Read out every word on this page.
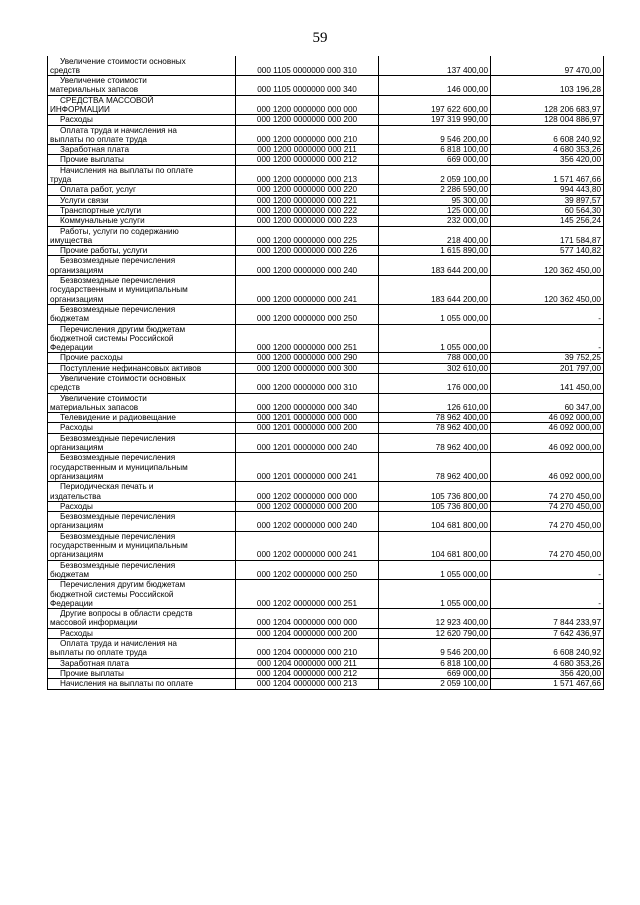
59
Увеличение стоимости основных
средств	000 1105 0000000 000 310	137 400,00	97 470,00
Увеличение стоимости
материальных запасов	000 1105 0000000 000 340	146 000,00	103 196,28
СРЕДСТВА МАССОВОЙ
ИНФОРМАЦИИ	000 1200 0000000 000 000	197 622 600,00	128 206 683,97
Расходы	000 1200 0000000 000 200	197 319 990,00	128 004 886,97
Оплата труда и начисления на
выплаты по оплате труда	000 1200 0000000 000 210	9 546 200,00	6 608 240,92
Заработная плата	000 1200 0000000 000 211	6 818 100,00	4 680 353,26
Прочие выплаты	000 1200 0000000 000 212	669 000,00	356 420,00
Начисления на выплаты по оплате
труда	000 1200 0000000 000 213	2 059 100,00	1 571 467,66
Оплата работ, услуг	000 1200 0000000 000 220	2 286 590,00	994 443,80
Услуги связи	000 1200 0000000 000 221	95 300,00	39 897,57
Транспортные услуги	000 1200 0000000 000 222	125 000,00	60 564,30
Коммунальные услуги	000 1200 0000000 000 223	232 000,00	145 256,24
Работы, услуги по содержанию
имущества	000 1200 0000000 000 225	218 400,00	171 584,87
Прочие работы, услуги	000 1200 0000000 000 226	1 615 890,00	577 140,82
Безвозмездные перечисления
организациям	000 1200 0000000 000 240	183 644 200,00	120 362 450,00
Безвозмездные перечисления
государственным и муниципальным
организациям	000 1200 0000000 000 241	183 644 200,00	120 362 450,00
Безвозмездные перечисления
бюджетам	000 1200 0000000 000 250	1 055 000,00	-
Перечисления другим бюджетам
бюджетной системы Российской
Федерации	000 1200 0000000 000 251	1 055 000,00	-
Прочие расходы	000 1200 0000000 000 290	788 000,00	39 752,25
Поступление нефинансовых активов	000 1200 0000000 000 300	302 610,00	201 797,00
Увеличение стоимости основных
средств	000 1200 0000000 000 310	176 000,00	141 450,00
Увеличение стоимости
материальных запасов	000 1200 0000000 000 340	126 610,00	60 347,00
Телевидение и радиовещание	000 1201 0000000 000 000	78 962 400,00	46 092 000,00
Расходы	000 1201 0000000 000 200	78 962 400,00	46 092 000,00
Безвозмездные перечисления
организациям	000 1201 0000000 000 240	78 962 400,00	46 092 000,00
Безвозмездные перечисления
государственным и муниципальным
организациям	000 1201 0000000 000 241	78 962 400,00	46 092 000,00
Периодическая печать и
издательства	000 1202 0000000 000 000	105 736 800,00	74 270 450,00
Расходы	000 1202 0000000 000 200	105 736 800,00	74 270 450,00
Безвозмездные перечисления
организациям	000 1202 0000000 000 240	104 681 800,00	74 270 450,00
Безвозмездные перечисления
государственным и муниципальным
организациям	000 1202 0000000 000 241	104 681 800,00	74 270 450,00
Безвозмездные перечисления
бюджетам	000 1202 0000000 000 250	1 055 000,00	-
Перечисления другим бюджетам
бюджетной системы Российской
Федерации	000 1202 0000000 000 251	1 055 000,00	-
Другие вопросы в области средств
массовой информации	000 1204 0000000 000 000	12 923 400,00	7 844 233,97
Расходы	000 1204 0000000 000 200	12 620 790,00	7 642 436,97
Оплата труда и начисления на
выплаты по оплате труда	000 1204 0000000 000 210	9 546 200,00	6 608 240,92
Заработная плата	000 1204 0000000 000 211	6 818 100,00	4 680 353,26
Прочие выплаты	000 1204 0000000 000 212	669 000,00	356 420,00
Начисления на выплаты по оплате	000 1204 0000000 000 213	2 059 100,00	1 571 467,66
